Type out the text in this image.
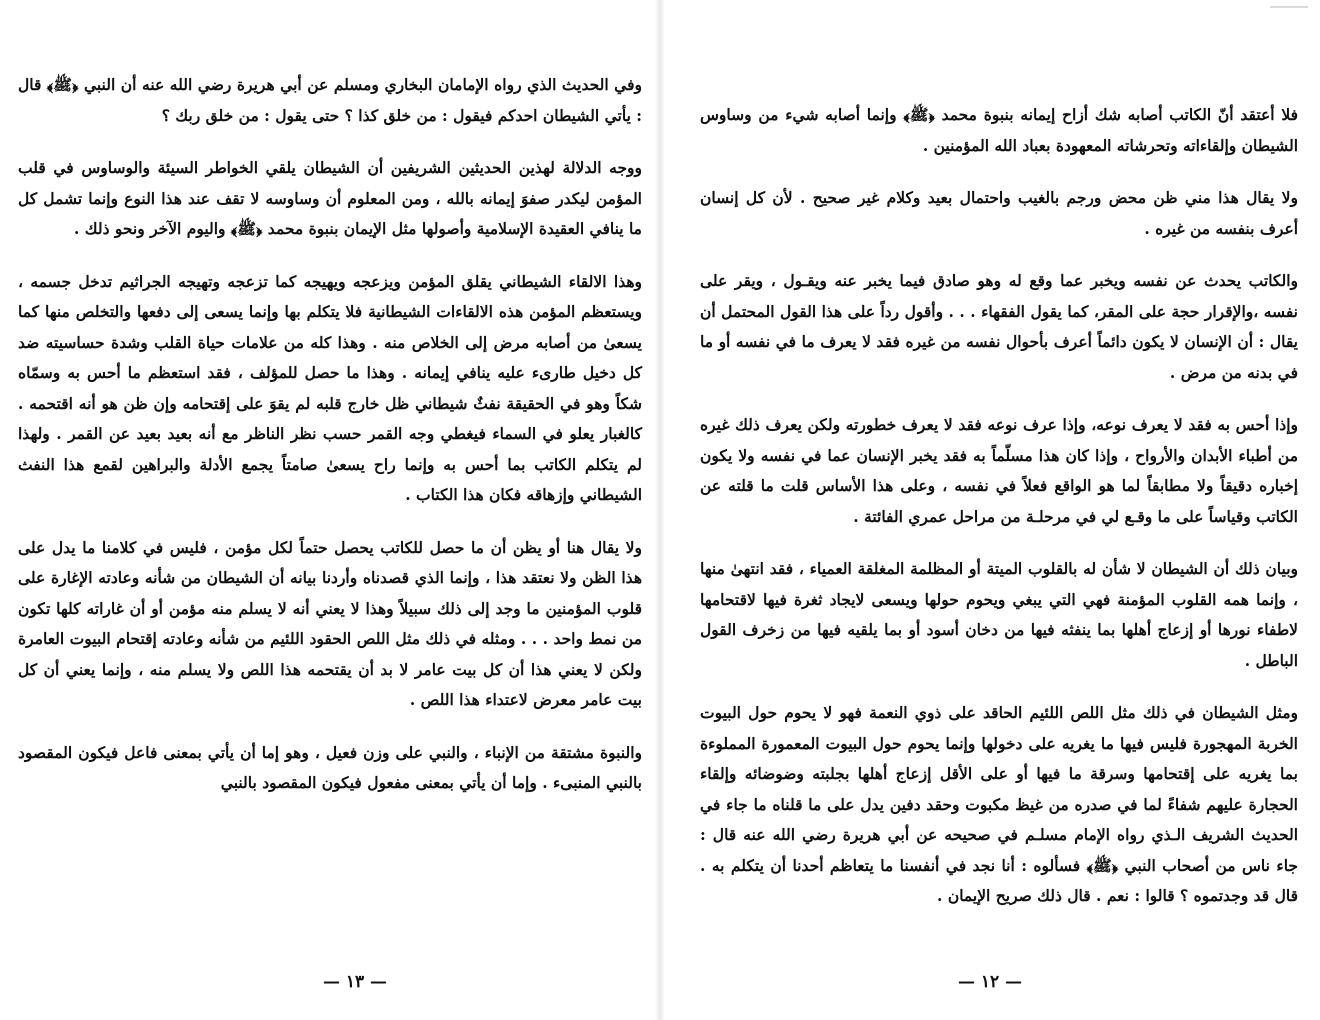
وفي الحديث الذي رواه الإمامان البخاري ومسلم عن أبي هريرة رضي الله عنه أن النبي ﴿ﷺ﴾ قال : يأتي الشيطان احدكم فيقول : من خلق كذا ؟ حتى يقول : من خلق ربك ؟

ووجه الدلالة لهذين الحديثين الشريفين أن الشيطان يلقي الخواطر السيئة والوساوس في قلب المؤمن ليكدر صفوَ إيمانه بالله ، ومن المعلوم أن وساوسه لا تقف عند هذا النوع وإنما تشمل كل ما ينافي العقيدة الإسلامية وأصولها مثل الإيمان بنبوة محمد ﴿ﷺ﴾ واليوم الآخر ونحو ذلك .

وهذا الالقاء الشيطاني يقلق المؤمن ويزعجه ويهيجه كما تزعجه وتهيجه الجراثيم تدخل جسمه ، ويستعظم المؤمن هذه الالقاءات الشيطانية فلا يتكلم بها وإنما يسعى إلى دفعها والتخلص منها كما يسعىٰ من أصابه مرض إلى الخلاص منه . وهذا كله من علامات حياة القلب وشدة حساسيته ضد كل دخيل طارىء عليه ينافي إيمانه . وهذا ما حصل للمؤلف ، فقد استعظم ما أحس به وسمّاه شكاً وهو في الحقيقة نفثٌ شيطاني ظل خارج قلبه لم يقوَ على إقتحامه وإن ظن هو أنه اقتحمه . كالغبار يعلو في السماء فيغطي وجه القمر حسب نظر الناظر مع أنه بعيد بعيد عن القمر . ولهذا لم يتكلم الكاتب بما أحس به وإنما راح يسعىٰ صامتاً يجمع الأدلة والبراهين لقمع هذا النفث الشيطاني وإزهاقه فكان هذا الكتاب .

ولا يقال هنا أو يظن أن ما حصل للكاتب يحصل حتماً لكل مؤمن ، فليس في كلامنا ما يدل على هذا الظن ولا نعتقد هذا ، وإنما الذي قصدناه وأردنا بيانه أن الشيطان من شأنه وعادته الإغارة على قلوب المؤمنين ما وجد إلى ذلك سبيلاً وهذا لا يعني أنه لا يسلم منه مؤمن أو أن غاراته كلها تكون من نمط واحد . . . ومثله في ذلك مثل اللص الحقود اللئيم من شأنه وعادته إقتحام البيوت العامرة ولكن لا يعني هذا أن كل بيت عامر لا بد أن يقتحمه هذا اللص ولا يسلم منه ، وإنما يعني أن كل بيت عامر معرض لاعتداء هذا اللص .

والنبوة مشتقة من الإنباء ، والنبي على وزن فعيل ، وهو إما أن يأتي بمعنى فاعل فيكون المقصود بالنبي المنبىء . وإما أن يأتي بمعنى مفعول فيكون المقصود بالنبي

— ١٣ —

فلا أعتقد أنّ الكاتب أصابه شك أزاح إيمانه بنبوة محمد ﴿ﷺ﴾ وإنما أصابه شيء من وساوس الشيطان وإلقاءاته وتحرشاته المعهودة بعباد الله المؤمنين .

ولا يقال هذا مني ظن محض ورجم بالغيب واحتمال بعيد وكلام غير صحيح . لأن كل إنسان أعرف بنفسه من غيره .

والكاتب يحدث عن نفسه ويخبر عما وقع له وهو صادق فيما يخبر عنه ويقـول ، ويقر على نفسه ،والإقرار حجة على المقر، كما يقول الفقهاء . . . وأقول رداً على هذا القول المحتمل أن يقال : أن الإنسان لا يكون دائماً أعرف بأحوال نفسه من غيره فقد لا يعرف ما في نفسه أو ما في بدنه من مرض .

وإذا أحس به فقد لا يعرف نوعه، وإذا عرف نوعه فقد لا يعرف خطورته ولكن يعرف ذلك غيره من أطباء الأبدان والأرواح ، وإذا كان هذا مسلّماً به فقد يخبر الإنسان عما في نفسه ولا يكون إخباره دقيقاً ولا مطابقاً لما هو الواقع فعلاً في نفسه ، وعلى هذا الأساس قلت ما قلته عن الكاتب وقياساً على ما وقـع لي في مرحلـة من مراحل عمري الفائتة .

وبيان ذلك أن الشيطان لا شأن له بالقلوب الميتة أو المظلمة المغلقة العمياء ، فقد انتهىٰ منها ، وإنما همه القلوب المؤمنة فهي التي يبغي ويحوم حولها ويسعى لايجاد ثغرة فيها لاقتحامها لاطفاء نورها أو إزعاج أهلها بما ينفثه فيها من دخان أسود أو بما يلقيه فيها من زخرف القول الباطل .

ومثل الشيطان في ذلك مثل اللص اللئيم الحاقد على ذوي النعمة فهو لا يحوم حول البيوت الخربة المهجورة فليس فيها ما يغريه على دخولها وإنما يحوم حول البيوت المعمورة المملوءة بما يغريه على إقتحامها وسرقة ما فيها أو على الأقل إزعاج أهلها بجلبته وضوضائه وإلقاء الحجارة عليهم شفاءً لما في صدره من غيظ مكبوت وحقد دفين يدل على ما قلناه ما جاء في الحديث الشريف الـذي رواه الإمام مسلـم في صحيحه عن أبي هريرة رضي الله عنه قال : جاء ناس من أصحاب النبي ﴿ﷺ﴾ فسألوه : أنا نجد في أنفسنا ما يتعاظم أحدنا أن يتكلم به . قال قد وجدتموه ؟ قالوا : نعم . قال ذلك صريح الإيمان .

— ١٢ —
